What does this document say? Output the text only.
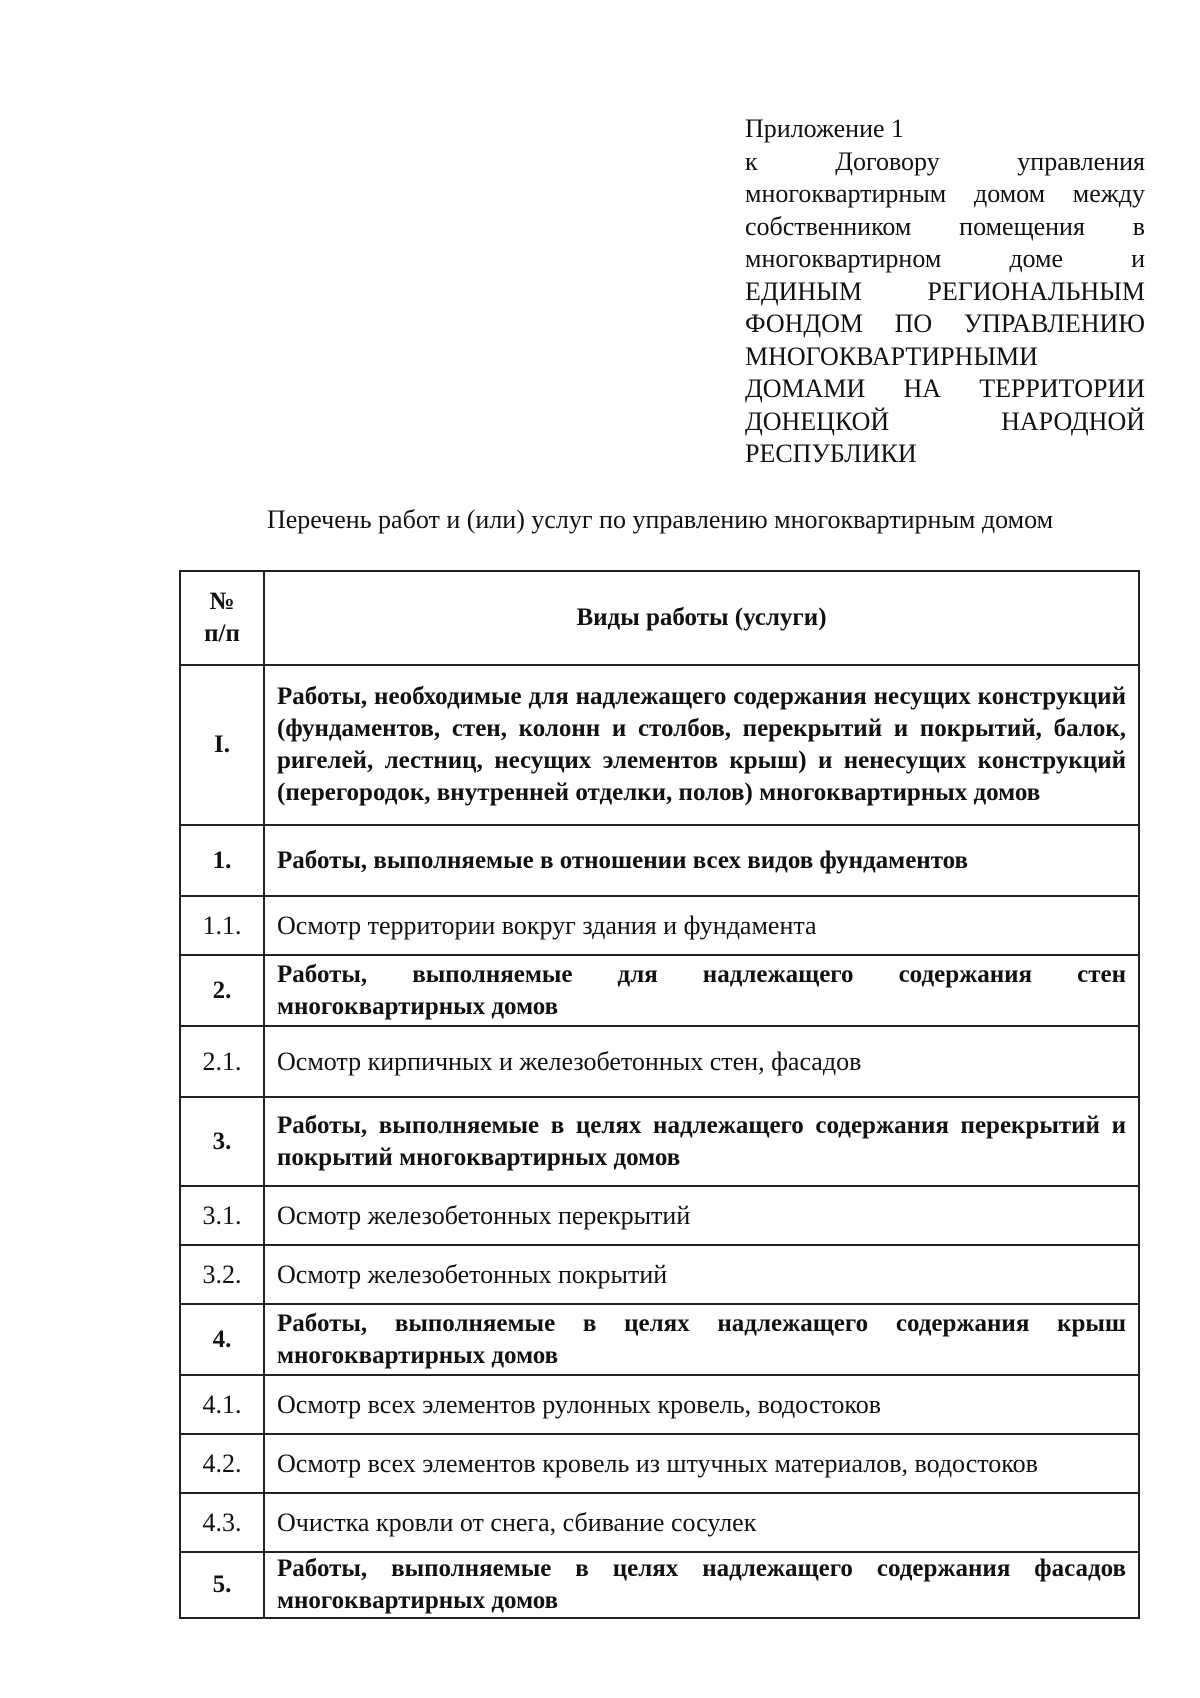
Приложение 1
к Договору управления
многоквартирным домом между
собственником помещения в
многоквартирном доме и
ЕДИНЫМ РЕГИОНАЛЬНЫМ
ФОНДОМ ПО УПРАВЛЕНИЮ
МНОГОКВАРТИРНЫМИ
ДОМАМИ НА ТЕРРИТОРИИ
ДОНЕЦКОЙ НАРОДНОЙ
РЕСПУБЛИКИ
Перечень работ и (или) услуг по управлению многоквартирным домом
№
п/п	Виды работы (услуги)
I.	Работы, необходимые для надлежащего содержания несущих конструкций (фундаментов, стен, колонн и столбов, перекрытий и покрытий, балок, ригелей, лестниц, несущих элементов крыш) и ненесущих конструкций (перегородок, внутренней отделки, полов) многоквартирных домов
1.	Работы, выполняемые в отношении всех видов фундаментов
1.1.	Осмотр территории вокруг здания и фундамента
2.	Работы, выполняемые для надлежащего содержания стен многоквартирных домов
2.1.	Осмотр кирпичных и железобетонных стен, фасадов
3.	Работы, выполняемые в целях надлежащего содержания перекрытий и покрытий многоквартирных домов
3.1.	Осмотр железобетонных перекрытий
3.2.	Осмотр железобетонных покрытий
4.	Работы, выполняемые в целях надлежащего содержания крыш многоквартирных домов
4.1.	Осмотр всех элементов рулонных кровель, водостоков
4.2.	Осмотр всех элементов кровель из штучных материалов, водостоков
4.3.	Очистка кровли от снега, сбивание сосулек
5.	Работы, выполняемые в целях надлежащего содержания фасадов многоквартирных домов
